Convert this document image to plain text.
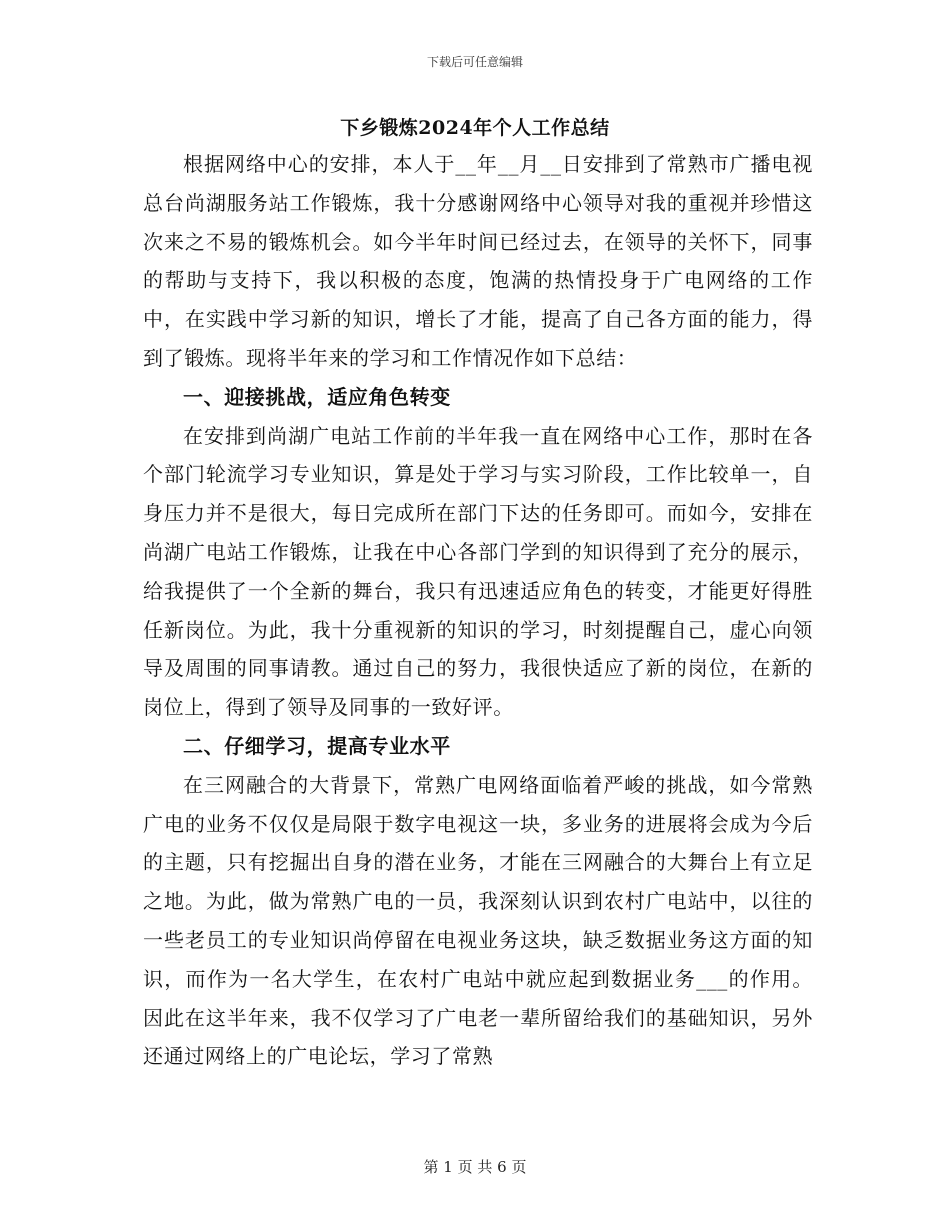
下载后可任意编辑
下乡锻炼2024年个人工作总结

根据网络中心的安排，本人于__年__月__日安排到了常熟市广播电视总台尚湖服务站工作锻炼，我十分感谢网络中心领导对我的重视并珍惜这次来之不易的锻炼机会。如今半年时间已经过去，在领导的关怀下，同事的帮助与支持下，我以积极的态度，饱满的热情投身于广电网络的工作中，在实践中学习新的知识，增长了才能，提高了自己各方面的能力，得到了锻炼。现将半年来的学习和工作情况作如下总结：

一、迎接挑战，适应角色转变

在安排到尚湖广电站工作前的半年我一直在网络中心工作，那时在各个部门轮流学习专业知识，算是处于学习与实习阶段，工作比较单一，自身压力并不是很大，每日完成所在部门下达的任务即可。而如今，安排在尚湖广电站工作锻炼，让我在中心各部门学到的知识得到了充分的展示，给我提供了一个全新的舞台，我只有迅速适应角色的转变，才能更好得胜任新岗位。为此，我十分重视新的知识的学习，时刻提醒自己，虚心向领导及周围的同事请教。通过自己的努力，我很快适应了新的岗位，在新的岗位上，得到了领导及同事的一致好评。

二、仔细学习，提高专业水平

在三网融合的大背景下，常熟广电网络面临着严峻的挑战，如今常熟广电的业务不仅仅是局限于数字电视这一块，多业务的进展将会成为今后的主题，只有挖掘出自身的潜在业务，才能在三网融合的大舞台上有立足之地。为此，做为常熟广电的一员，我深刻认识到农村广电站中，以往的一些老员工的专业知识尚停留在电视业务这块，缺乏数据业务这方面的知识，而作为一名大学生，在农村广电站中就应起到数据业务___的作用。因此在这半年来，我不仅学习了广电老一辈所留给我们的基础知识，另外还通过网络上的广电论坛，学习了常熟

第 1 页 共 6 页
